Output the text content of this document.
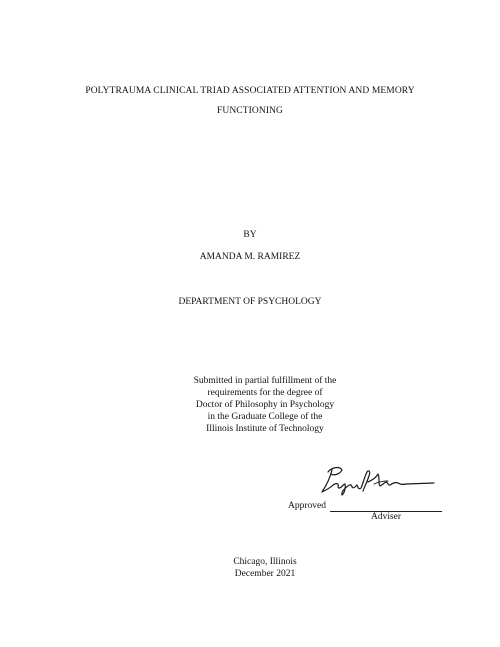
POLYTRAUMA CLINICAL TRIAD ASSOCIATED ATTENTION AND MEMORY
FUNCTIONING
BY
AMANDA M. RAMIREZ
DEPARTMENT OF PSYCHOLOGY
Submitted in partial fulfillment of the
requirements for the degree of
Doctor of Philosophy in Psychology
in the Graduate College of the
Illinois Institute of Technology
Approved
Adviser
Chicago, Illinois
December 2021
